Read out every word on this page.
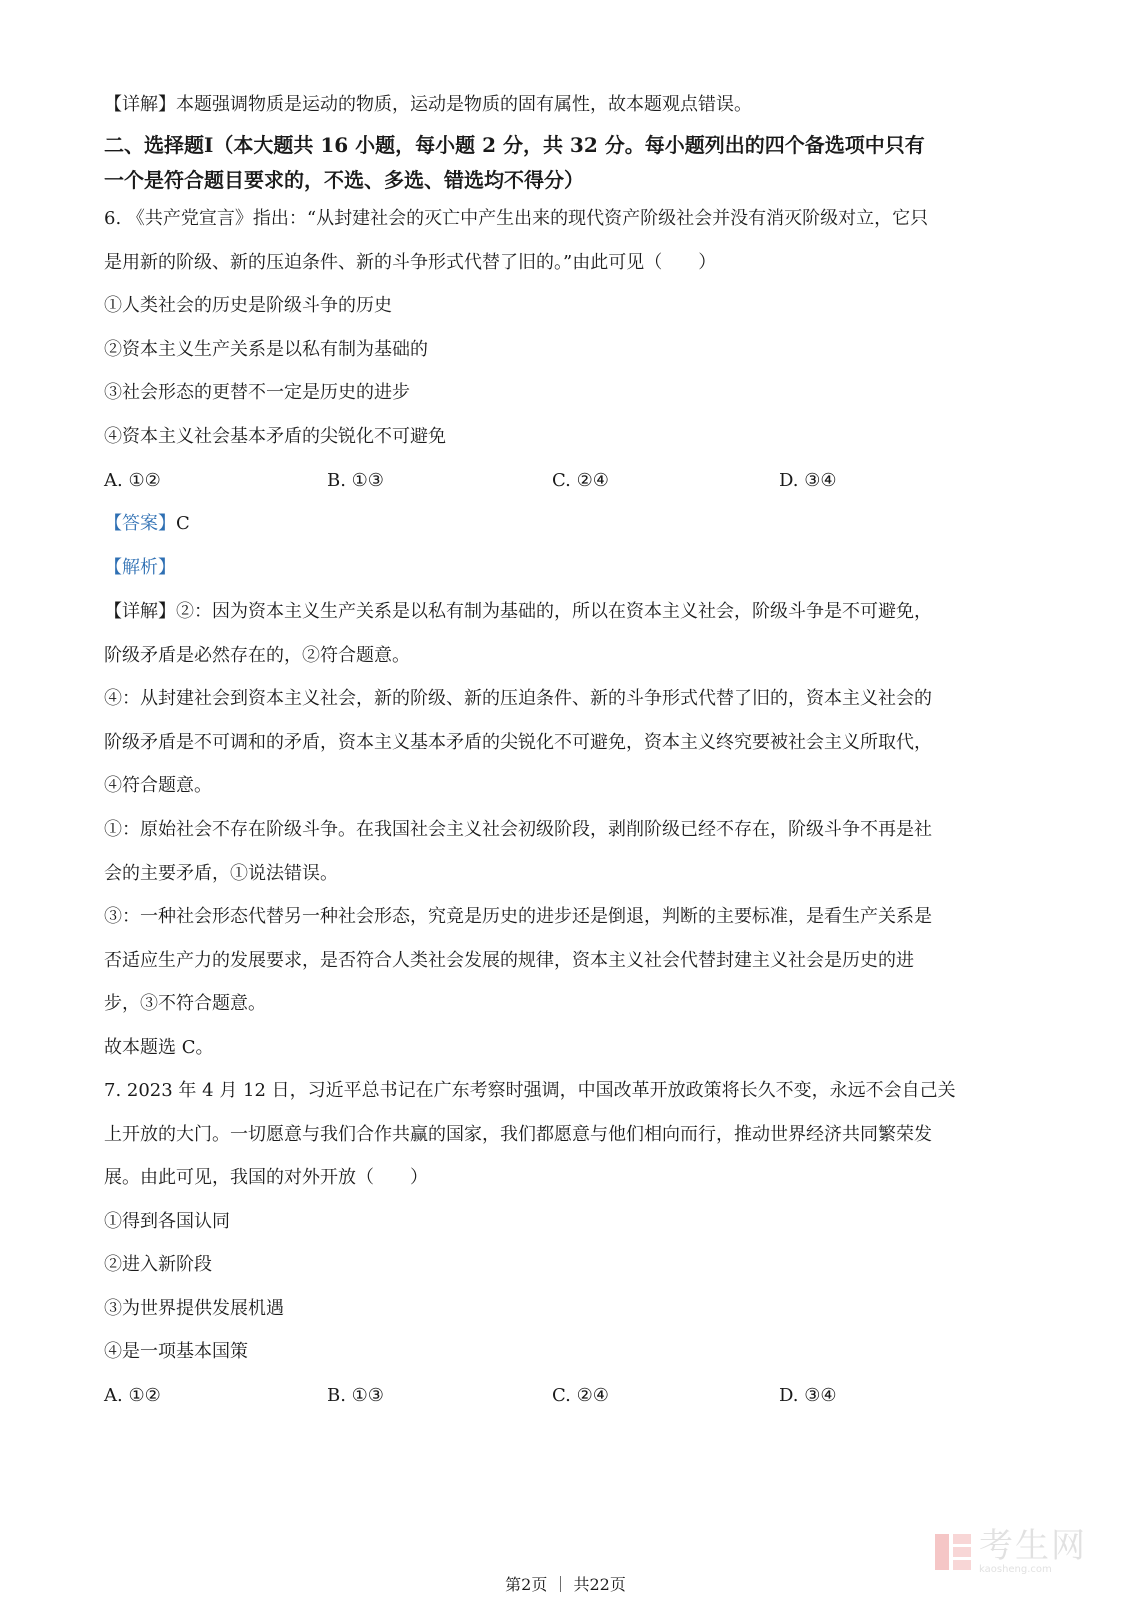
【详解】本题强调物质是运动的物质，运动是物质的固有属性，故本题观点错误。
二、选择题Ⅰ（本大题共 16 小题，每小题 2 分，共 32 分。每小题列出的四个备选项中只有
一个是符合题目要求的，不选、多选、错选均不得分）
6. 《共产党宣言》指出：“从封建社会的灭亡中产生出来的现代资产阶级社会并没有消灭阶级对立，它只
是用新的阶级、新的压迫条件、新的斗争形式代替了旧的。”由此可见（　　）
①人类社会的历史是阶级斗争的历史
②资本主义生产关系是以私有制为基础的
③社会形态的更替不一定是历史的进步
④资本主义社会基本矛盾的尖锐化不可避免
A. ①②	B. ①③	C. ②④	D. ③④
【答案】C
【解析】
【详解】②：因为资本主义生产关系是以私有制为基础的，所以在资本主义社会，阶级斗争是不可避免，
阶级矛盾是必然存在的，②符合题意。
④：从封建社会到资本主义社会，新的阶级、新的压迫条件、新的斗争形式代替了旧的，资本主义社会的
阶级矛盾是不可调和的矛盾，资本主义基本矛盾的尖锐化不可避免，资本主义终究要被社会主义所取代，
④符合题意。
①：原始社会不存在阶级斗争。在我国社会主义社会初级阶段，剥削阶级已经不存在，阶级斗争不再是社
会的主要矛盾，①说法错误。
③：一种社会形态代替另一种社会形态，究竟是历史的进步还是倒退，判断的主要标准，是看生产关系是
否适应生产力的发展要求，是否符合人类社会发展的规律，资本主义社会代替封建主义社会是历史的进
步，③不符合题意。
故本题选 C。
7. 2023 年 4 月 12 日，习近平总书记在广东考察时强调，中国改革开放政策将长久不变，永远不会自己关
上开放的大门。一切愿意与我们合作共赢的国家，我们都愿意与他们相向而行，推动世界经济共同繁荣发
展。由此可见，我国的对外开放（　　）
①得到各国认同
②进入新阶段
③为世界提供发展机遇
④是一项基本国策
A. ①②	B. ①③	C. ②④	D. ③④
考生网
kaosheng.com
第2页 ｜ 共22页
